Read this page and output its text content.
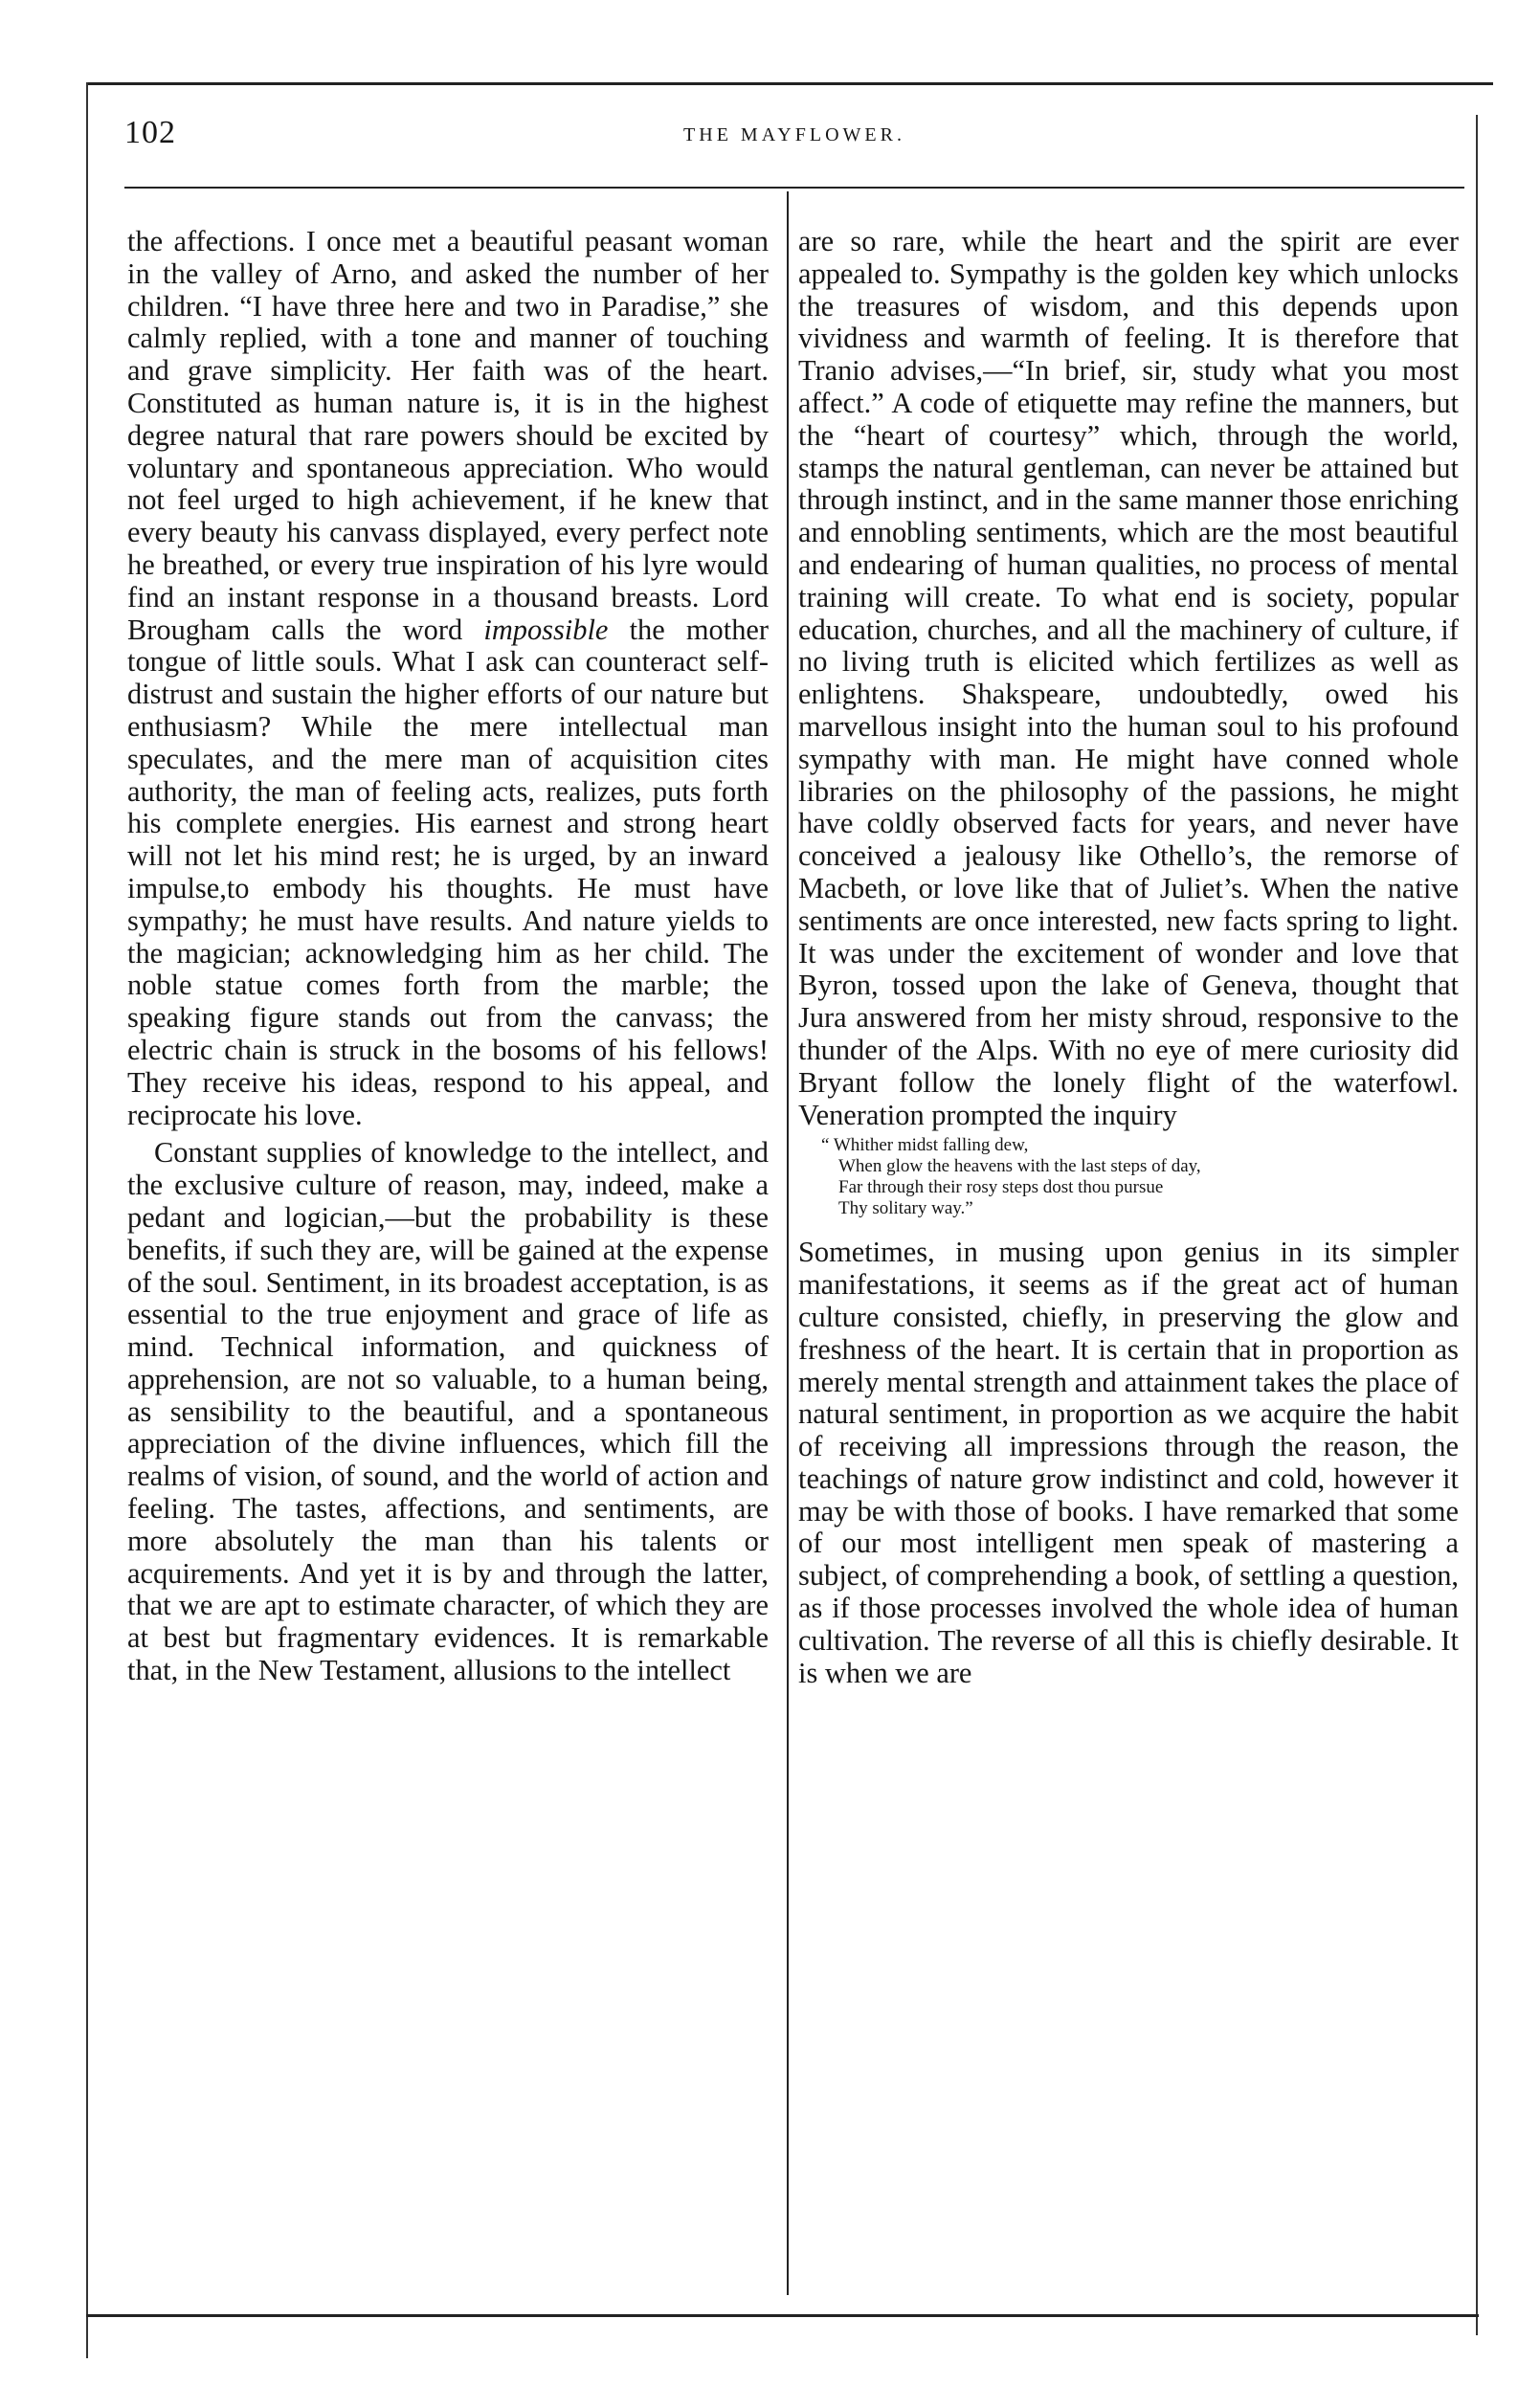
102	THE MAYFLOWER.

the affections. I once met a beautiful peasant woman in the valley of Arno, and asked the number of her children. “I have three here and two in Paradise,” she calmly replied, with a tone and manner of touching and grave simplicity. Her faith was of the heart. Constituted as human nature is, it is in the highest degree natural that rare powers should be excited by voluntary and spontaneous appreciation. Who would not feel urged to high achievement, if he knew that every beauty his canvass displayed, every perfect note he breathed, or every true inspiration of his lyre would find an instant response in a thousand breasts. Lord Brougham calls the word impossible the mother tongue of little souls. What I ask can counteract self-distrust and sustain the higher efforts of our nature but enthusiasm? While the mere intellectual man speculates, and the mere man of acquisition cites authority, the man of feeling acts, realizes, puts forth his complete energies. His earnest and strong heart will not let his mind rest; he is urged, by an inward impulse,to embody his thoughts. He must have sympathy; he must have results. And nature yields to the magician; acknowledging him as her child. The noble statue comes forth from the marble; the speaking figure stands out from the canvass; the electric chain is struck in the bosoms of his fellows! They receive his ideas, respond to his appeal, and reciprocate his love.

Constant supplies of knowledge to the intellect, and the exclusive culture of reason, may, indeed, make a pedant and logician,—but the probability is these benefits, if such they are, will be gained at the expense of the soul. Sentiment, in its broadest acceptation, is as essential to the true enjoyment and grace of life as mind. Technical information, and quickness of apprehension, are not so valuable, to a human being, as sensibility to the beautiful, and a spontaneous appreciation of the divine influences, which fill the realms of vision, of sound, and the world of action and feeling. The tastes, affections, and sentiments, are more absolutely the man than his talents or acquirements. And yet it is by and through the latter, that we are apt to estimate character, of which they are at best but fragmentary evidences. It is remarkable that, in the New Testament, allusions to the intellect

are so rare, while the heart and the spirit are ever appealed to. Sympathy is the golden key which unlocks the treasures of wisdom, and this depends upon vividness and warmth of feeling. It is therefore that Tranio advises,—“In brief, sir, study what you most affect.” A code of etiquette may refine the manners, but the “heart of courtesy” which, through the world, stamps the natural gentleman, can never be attained but through instinct, and in the same manner those enriching and ennobling sentiments, which are the most beautiful and endearing of human qualities, no process of mental training will create. To what end is society, popular education, churches, and all the machinery of culture, if no living truth is elicited which fertilizes as well as enlightens. Shakspeare, undoubtedly, owed his marvellous insight into the human soul to his profound sympathy with man. He might have conned whole libraries on the philosophy of the passions, he might have coldly observed facts for years, and never have conceived a jealousy like Othello’s, the remorse of Macbeth, or love like that of Juliet’s. When the native sentiments are once interested, new facts spring to light. It was under the excitement of wonder and love that Byron, tossed upon the lake of Geneva, thought that Jura answered from her misty shroud, responsive to the thunder of the Alps. With no eye of mere curiosity did Bryant follow the lonely flight of the waterfowl. Veneration prompted the inquiry

“ Whither midst falling dew,
When glow the heavens with the last steps of day,
Far through their rosy steps dost thou pursue
Thy solitary way.”

Sometimes, in musing upon genius in its simpler manifestations, it seems as if the great act of human culture consisted, chiefly, in preserving the glow and freshness of the heart. It is certain that in proportion as merely mental strength and attainment takes the place of natural sentiment, in proportion as we acquire the habit of receiving all impressions through the reason, the teachings of nature grow indistinct and cold, however it may be with those of books. I have remarked that some of our most intelligent men speak of mastering a subject, of comprehending a book, of settling a question, as if those processes involved the whole idea of human cultivation. The reverse of all this is chiefly desirable. It is when we are
